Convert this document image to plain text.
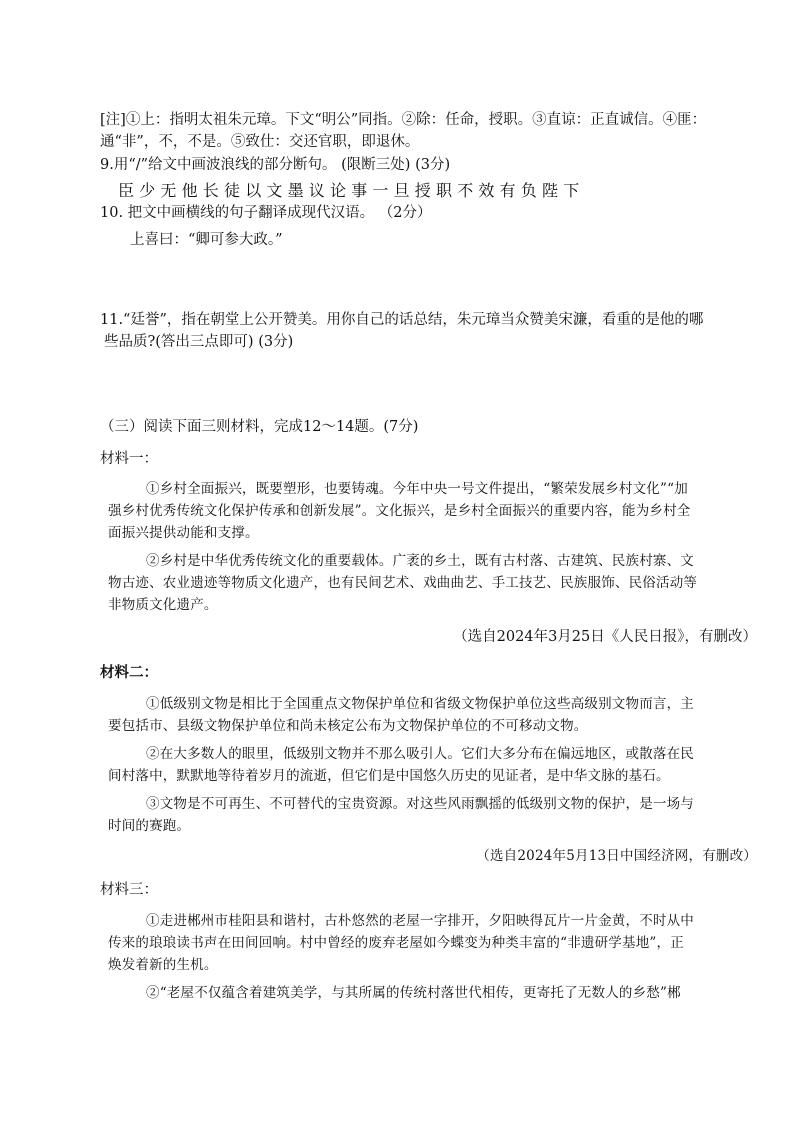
[注]①上：指明太祖朱元璋。下文“明公”同指。②除：任命，授职。③直谅：正直诚信。④匪：
通“非”，不，不是。⑤致仕：交还官职，即退休。
9.用“/”给文中画波浪线的部分断句。 (限断三处) (3分)
臣少无他长徒以文墨议论事一旦授职不效有负陛下
10. 把文中画横线的句子翻译成现代汉语。 （2分）
上喜曰：“卿可参大政。”
11.“廷誉”，指在朝堂上公开赞美。用你自己的话总结，朱元璋当众赞美宋濂，看重的是他的哪
些品质?(答出三点即可) (3分)
（三）阅读下面三则材料，完成12～14题。(7分)
材料一：
①乡村全面振兴，既要塑形，也要铸魂。今年中央一号文件提出，“繁荣发展乡村文化”“加
强乡村优秀传统文化保护传承和创新发展”。文化振兴，是乡村全面振兴的重要内容，能为乡村全
面振兴提供动能和支撑。
②乡村是中华优秀传统文化的重要载体。广袤的乡土，既有古村落、古建筑、民族村寨、文
物古迹、农业遗迹等物质文化遗产，也有民间艺术、戏曲曲艺、手工技艺、民族服饰、民俗活动等
非物质文化遗产。
（选自2024年3月25日《人民日报》，有删改）
材料二：
①低级别文物是相比于全国重点文物保护单位和省级文物保护单位这些高级别文物而言，主
要包括市、县级文物保护单位和尚未核定公布为文物保护单位的不可移动文物。
②在大多数人的眼里，低级别文物并不那么吸引人。它们大多分布在偏远地区，或散落在民
间村落中，默默地等待着岁月的流逝，但它们是中国悠久历史的见证者，是中华文脉的基石。
③文物是不可再生、不可替代的宝贵资源。对这些风雨飘摇的低级别文物的保护，是一场与
时间的赛跑。
（选自2024年5月13日中国经济网，有删改）
材料三：
①走进郴州市桂阳县和谐村，古朴悠然的老屋一字排开，夕阳映得瓦片一片金黄，不时从中
传来的琅琅读书声在田间回响。村中曾经的废弃老屋如今蝶变为种类丰富的“非遗研学基地”，正
焕发着新的生机。
②“老屋不仅蕴含着建筑美学，与其所属的传统村落世代相传，更寄托了无数人的乡愁”郴
